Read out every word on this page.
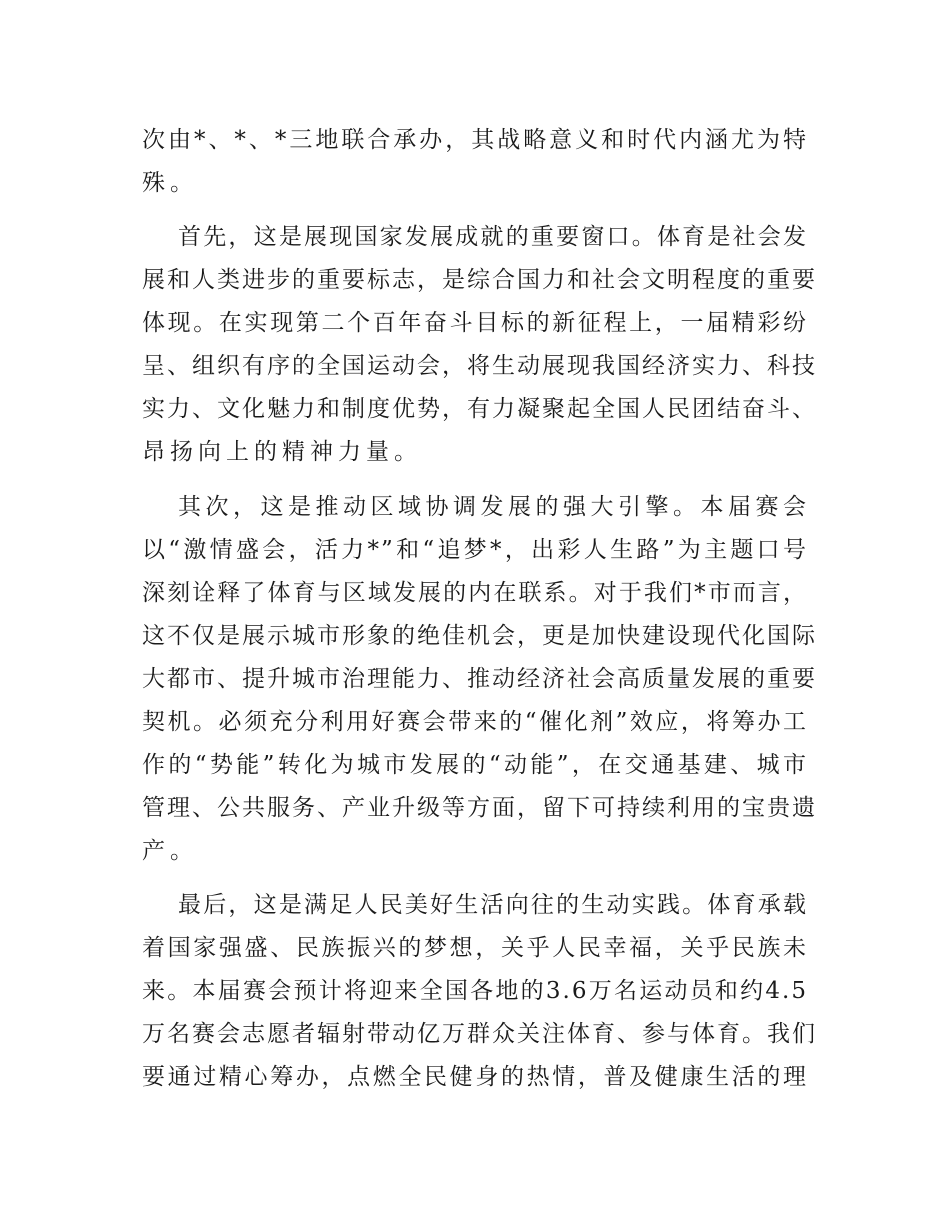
次由*、*、*三地联合承办，其战略意义和时代内涵尤为特
殊。
首先，这是展现国家发展成就的重要窗口。体育是社会发
展和人类进步的重要标志，是综合国力和社会文明程度的重要
体现。在实现第二个百年奋斗目标的新征程上，一届精彩纷
呈、组织有序的全国运动会，将生动展现我国经济实力、科技
实力、文化魅力和制度优势，有力凝聚起全国人民团结奋斗、
昂扬向上的精神力量。
其次，这是推动区域协调发展的强大引擎。本届赛会
以“激情盛会，活力*”和“追梦*，出彩人生路”为主题口号
深刻诠释了体育与区域发展的内在联系。对于我们*市而言，
这不仅是展示城市形象的绝佳机会，更是加快建设现代化国际
大都市、提升城市治理能力、推动经济社会高质量发展的重要
契机。必须充分利用好赛会带来的“催化剂”效应，将筹办工
作的“势能”转化为城市发展的“动能”，在交通基建、城市
管理、公共服务、产业升级等方面，留下可持续利用的宝贵遗
产。
最后，这是满足人民美好生活向往的生动实践。体育承载
着国家强盛、民族振兴的梦想，关乎人民幸福，关乎民族未
来。本届赛会预计将迎来全国各地的3.6万名运动员和约4.5
万名赛会志愿者辐射带动亿万群众关注体育、参与体育。我们
要通过精心筹办，点燃全民健身的热情，普及健康生活的理
